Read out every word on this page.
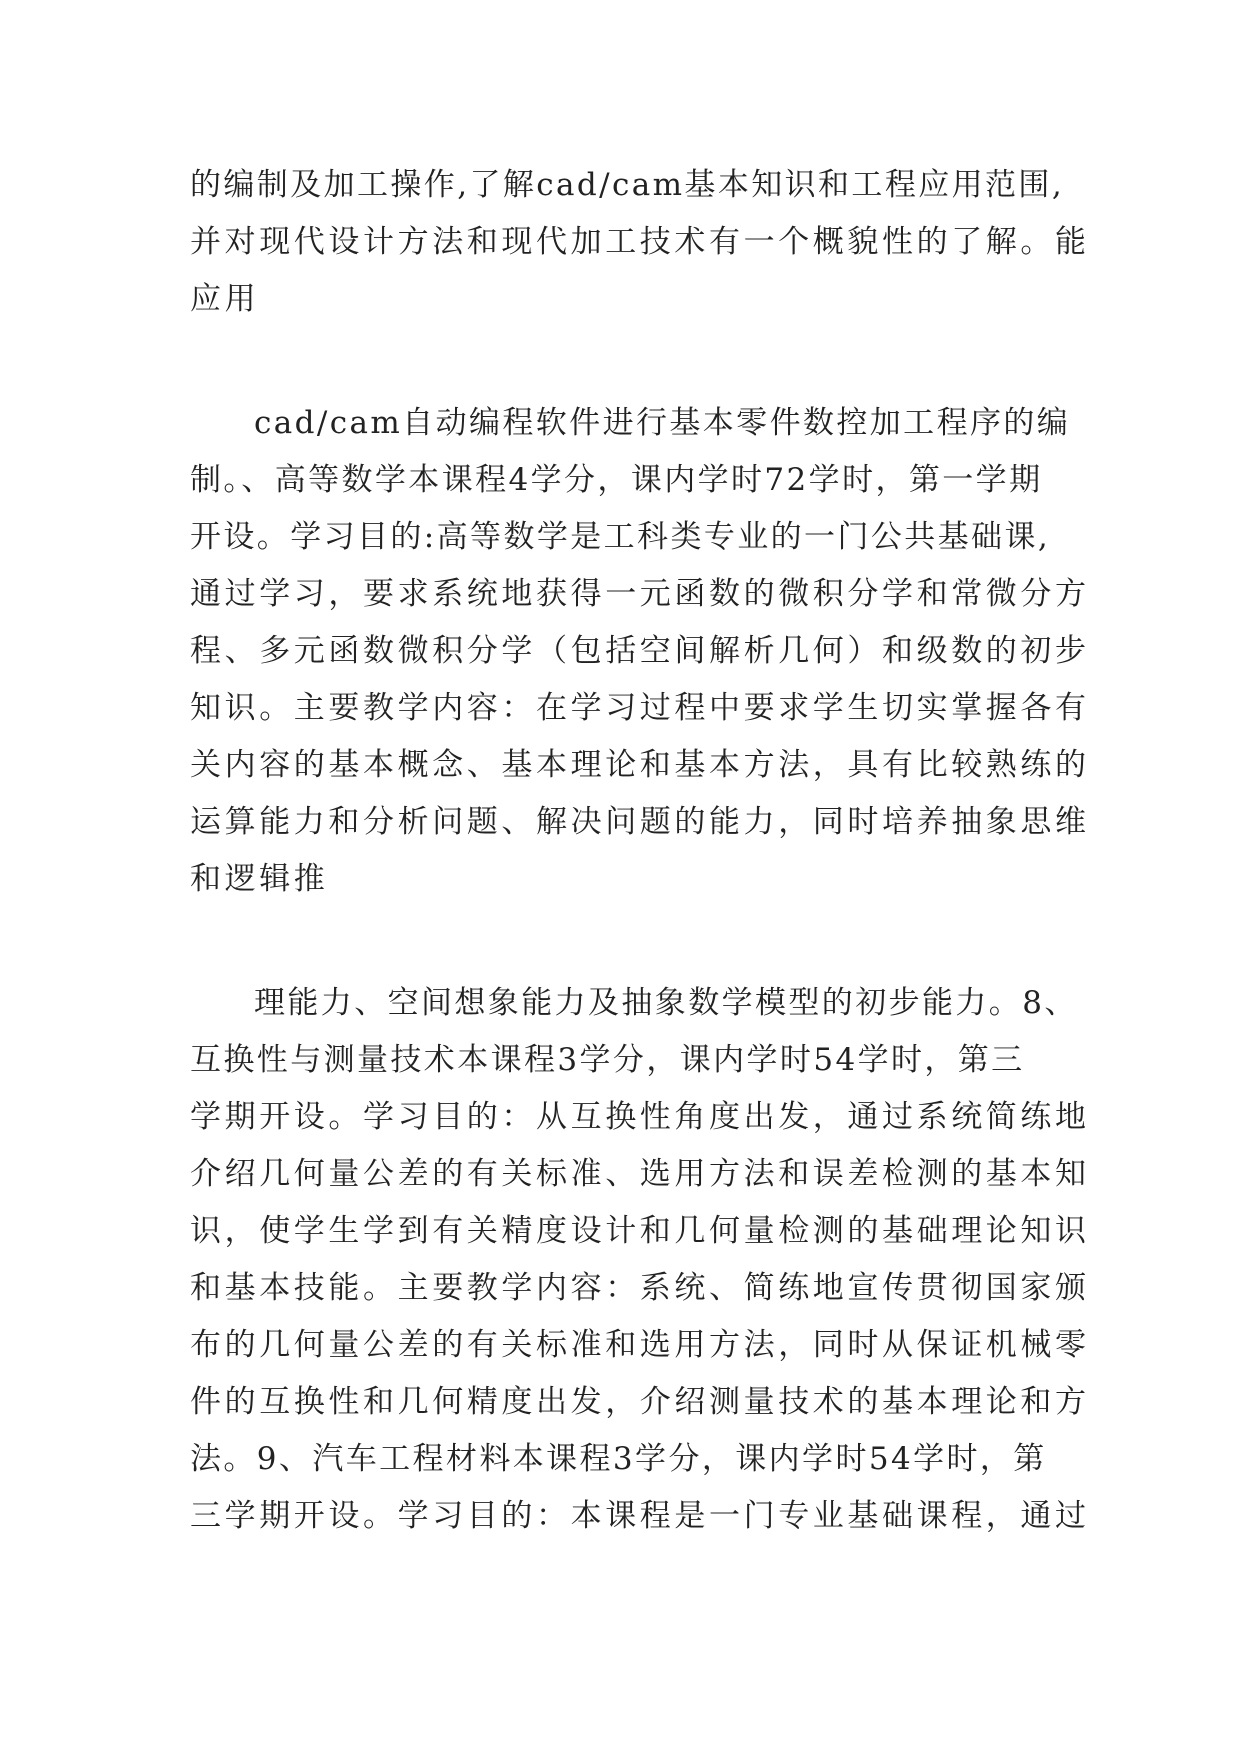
的编制及加工操作,了解cad/cam基本知识和工程应用范围,

并对现代设计方法和现代加工技术有一个概貌性的了解。能

应用

cad/cam自动编程软件进行基本零件数控加工程序的编

制。、高等数学本课程4学分，课内学时72学时，第一学期

开设。学习目的:高等数学是工科类专业的一门公共基础课,

通过学习，要求系统地获得一元函数的微积分学和常微分方

程、多元函数微积分学（包括空间解析几何）和级数的初步

知识。主要教学内容：在学习过程中要求学生切实掌握各有

关内容的基本概念、基本理论和基本方法，具有比较熟练的

运算能力和分析问题、解决问题的能力，同时培养抽象思维

和逻辑推

理能力、空间想象能力及抽象数学模型的初步能力。8、

互换性与测量技术本课程3学分，课内学时54学时，第三

学期开设。学习目的：从互换性角度出发，通过系统简练地

介绍几何量公差的有关标准、选用方法和误差检测的基本知

识，使学生学到有关精度设计和几何量检测的基础理论知识

和基本技能。主要教学内容：系统、简练地宣传贯彻国家颁

布的几何量公差的有关标准和选用方法，同时从保证机械零

件的互换性和几何精度出发，介绍测量技术的基本理论和方

法。9、汽车工程材料本课程3学分，课内学时54学时，第

三学期开设。学习目的：本课程是一门专业基础课程，通过
